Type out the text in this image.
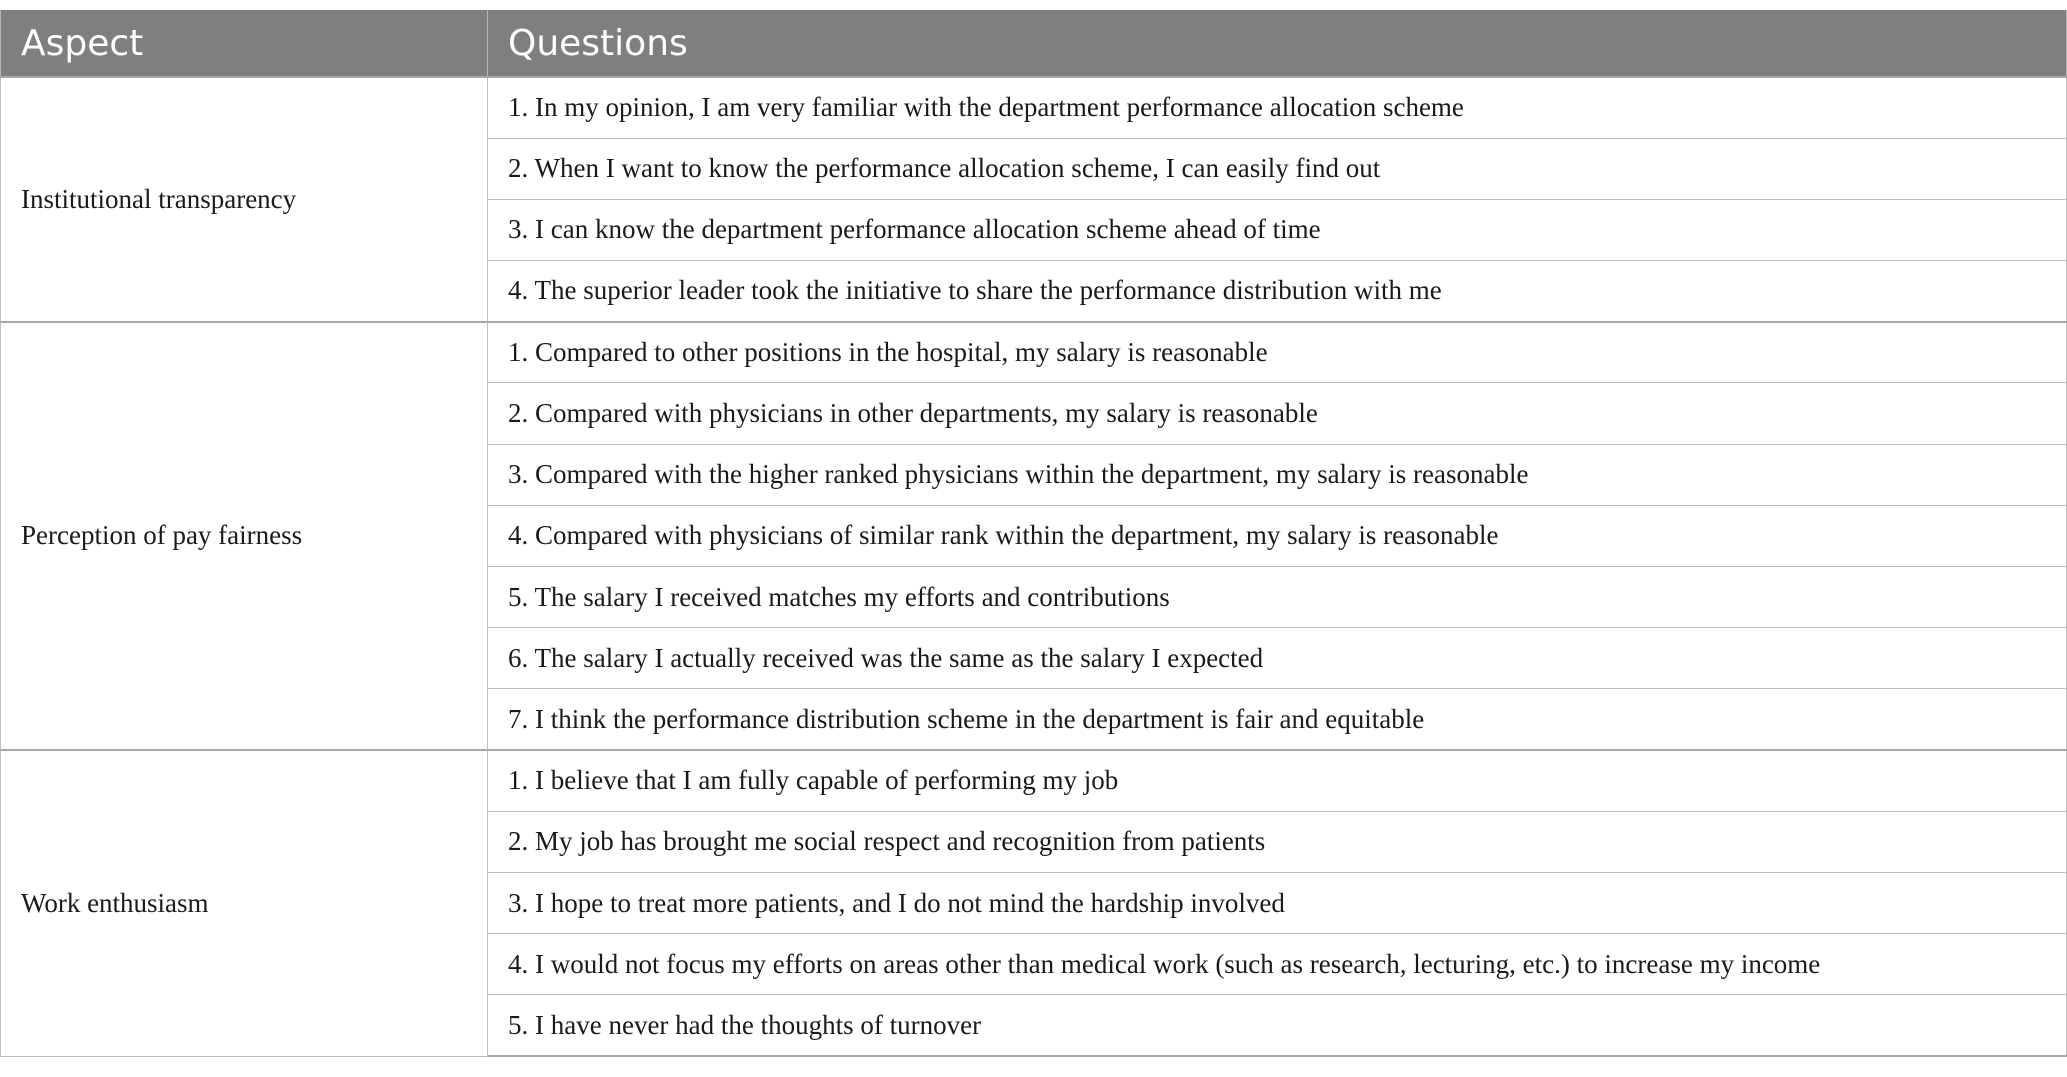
Aspect	Questions
Institutional transparency	1. In my opinion, I am very familiar with the department performance allocation scheme
	2. When I want to know the performance allocation scheme, I can easily find out
	3. I can know the department performance allocation scheme ahead of time
	4. The superior leader took the initiative to share the performance distribution with me
Perception of pay fairness	1. Compared to other positions in the hospital, my salary is reasonable
	2. Compared with physicians in other departments, my salary is reasonable
	3. Compared with the higher ranked physicians within the department, my salary is reasonable
	4. Compared with physicians of similar rank within the department, my salary is reasonable
	5. The salary I received matches my efforts and contributions
	6. The salary I actually received was the same as the salary I expected
	7. I think the performance distribution scheme in the department is fair and equitable
Work enthusiasm	1. I believe that I am fully capable of performing my job
	2. My job has brought me social respect and recognition from patients
	3. I hope to treat more patients, and I do not mind the hardship involved
	4. I would not focus my efforts on areas other than medical work (such as research, lecturing, etc.) to increase my income
	5. I have never had the thoughts of turnover
